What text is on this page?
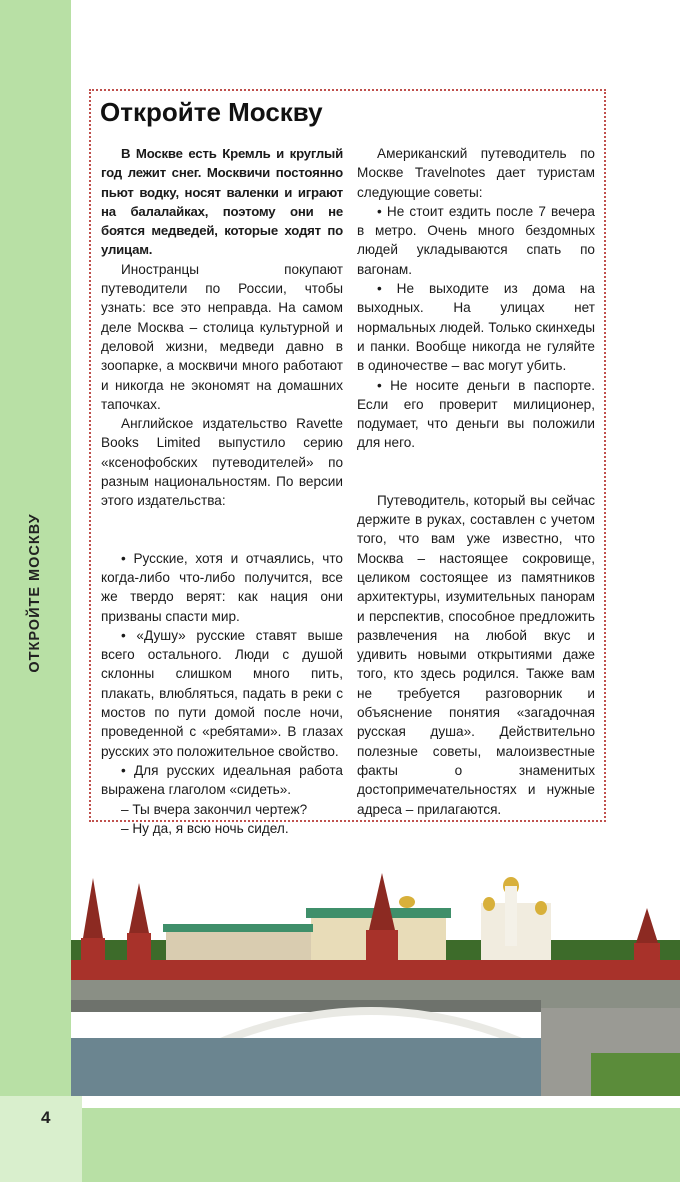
ОТКРОЙТЕ МОСКВУ
Откройте Москву

В Москве есть Кремль и круглый год лежит снег. Москвичи постоянно пьют водку, носят валенки и играют на балалайках, поэтому они не боятся медведей, которые ходят по улицам.

Иностранцы покупают путеводители по России, чтобы узнать: все это неправда. На самом деле Москва – столица культурной и деловой жизни, медведи давно в зоопарке, а москвичи много работают и никогда не экономят на домашних тапочках.

Английское издательство Ravette Books Limited выпустило серию «ксенофобских путеводителей» по разным национальностям. По версии этого издательства:

• Русские, хотя и отчаялись, что когда-либо что-либо получится, все же твердо верят: как нация они призваны спасти мир.

• «Душу» русские ставят выше всего остального. Люди с душой склонны слишком много пить, плакать, влюбляться, падать в реки с мостов по пути домой после ночи, проведенной с «ребятами». В глазах русских это положительное свойство.

• Для русских идеальная работа выражена глаголом «сидеть».

– Ты вчера закончил чертеж?

– Ну да, я всю ночь сидел.

Американский путеводитель по Москве Travelnotes дает туристам следующие советы:

• Не стоит ездить после 7 вечера в метро. Очень много бездомных людей укладываются спать по вагонам.

• Не выходите из дома на выходных. На улицах нет нормальных людей. Только скинхеды и панки. Вообще никогда не гуляйте в одиночестве – вас могут убить.

• Не носите деньги в паспорте. Если его проверит милиционер, подумает, что деньги вы положили для него.

Путеводитель, который вы сейчас держите в руках, составлен с учетом того, что вам уже известно, что Москва – настоящее сокровище, целиком состоящее из памятников архитектуры, изумительных панорам и перспектив, способное предложить развлечения на любой вкус и удивить новыми открытиями даже того, кто здесь родился. Также вам не требуется разговорник и объяснение понятия «загадочная русская душа». Действительно полезные советы, малоизвестные факты о знаменитых достопримечательностях и нужные адреса – прилагаются.

4
